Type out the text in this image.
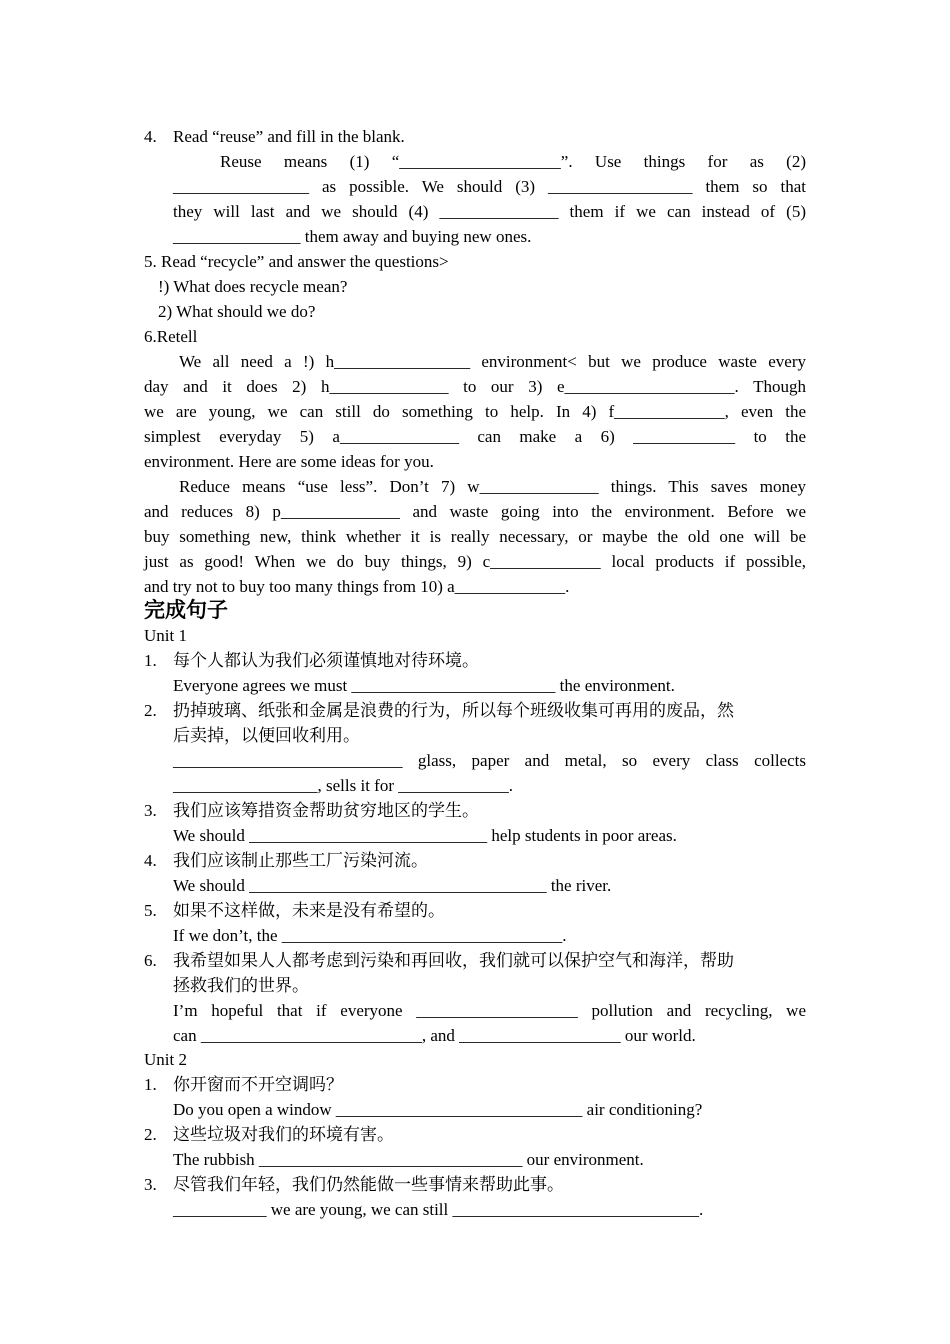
4. Read “reuse” and fill in the blank.
Reuse means (1) “___________________”. Use things for as (2)
________________ as possible. We should (3) _________________ them so that
they will last and we should (4) ______________ them if we can instead of (5)
_______________ them away and buying new ones.
5. Read “recycle” and answer the questions>
!) What does recycle mean?
2) What should we do?
6.Retell
We all need a !) h________________ environment< but we produce waste every
day and it does 2) h______________ to our 3) e____________________. Though
we are young, we can still do something to help. In 4) f_____________, even the
simplest everyday 5) a______________ can make a 6) ____________ to the
environment. Here are some ideas for you.
Reduce means “use less”. Don’t 7) w______________ things. This saves money
and reduces 8) p______________ and waste going into the environment. Before we
buy something new, think whether it is really necessary, or maybe the old one will be
just as good! When we do buy things, 9) c_____________ local products if possible,
and try not to buy too many things from 10) a_____________.
完成句子
Unit 1
1. 每个人都认为我们必须谨慎地对待环境。
Everyone agrees we must ________________________ the environment.
2. 扔掉玻璃、纸张和金属是浪费的行为，所以每个班级收集可再用的废品，然
后卖掉，以便回收利用。
___________________________ glass, paper and metal, so every class collects
_________________, sells it for _____________.
3. 我们应该筹措资金帮助贫穷地区的学生。
We should ____________________________ help students in poor areas.
4. 我们应该制止那些工厂污染河流。
We should ___________________________________ the river.
5. 如果不这样做，未来是没有希望的。
If we don’t, the _________________________________.
6. 我希望如果人人都考虑到污染和再回收，我们就可以保护空气和海洋，帮助
拯救我们的世界。
I’m hopeful that if everyone ___________________ pollution and recycling, we
can __________________________, and ___________________ our world.
Unit 2
1. 你开窗而不开空调吗？
Do you open a window _____________________________ air conditioning?
2. 这些垃圾对我们的环境有害。
The rubbish _______________________________ our environment.
3. 尽管我们年轻，我们仍然能做一些事情来帮助此事。
___________ we are young, we can still _____________________________.
